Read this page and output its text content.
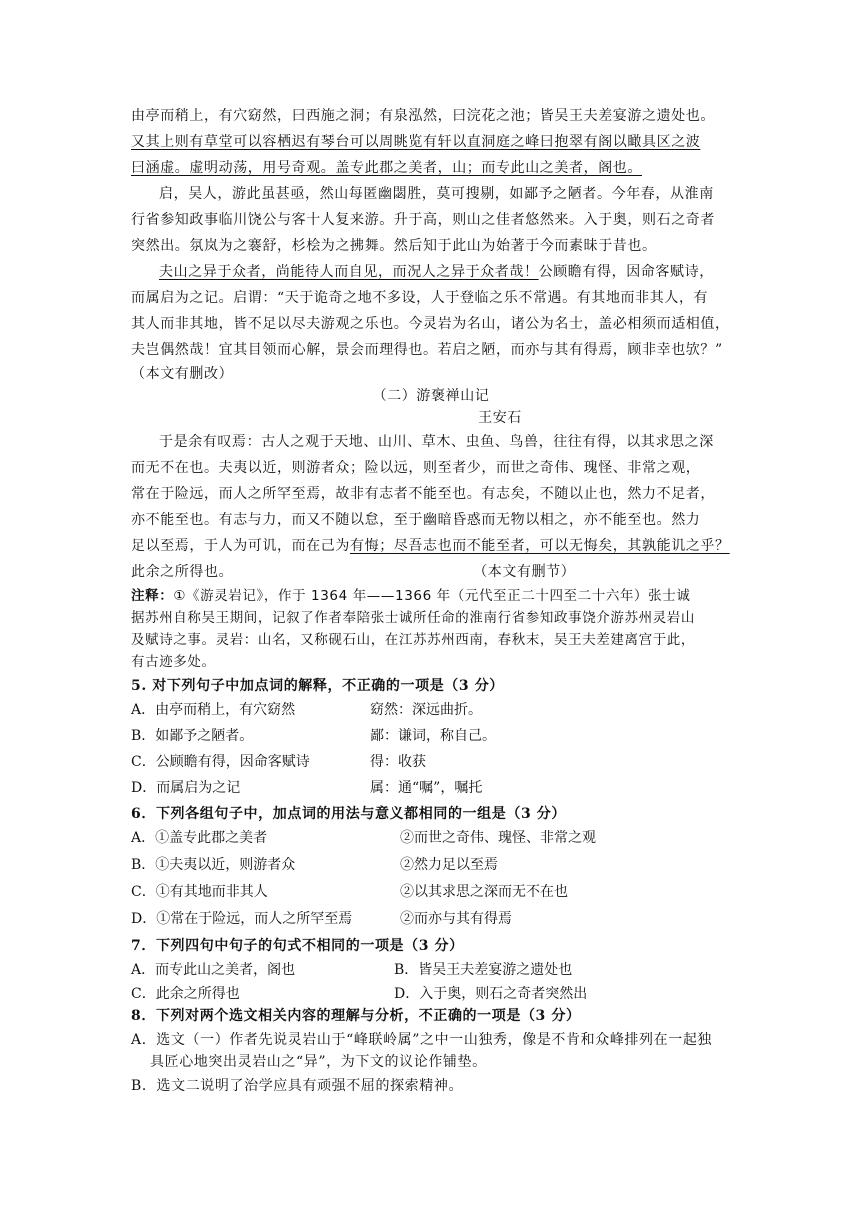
由亭而稍上，有穴窈然，曰西施之洞；有泉泓然，曰浣花之池；皆吴王夫差宴游之遗处也。
又其上则有草堂可以容栖迟有琴台可以周眺览有轩以直洞庭之峰曰抱翠有阁以瞰具区之波
曰涵虚。虚明动荡，用号奇观。盖专此郡之美者，山；而专此山之美者，阁也。
启，吴人，游此虽甚亟，然山每匿幽閟胜，莫可搜剔，如鄙予之陋者。今年春，从淮南
行省参知政事临川饶公与客十人复来游。升于高，则山之佳者悠然来。入于奥，则石之奇者
突然出。氛岚为之褰舒，杉桧为之拂舞。然后知于此山为始著于今而素昧于昔也。
夫山之异于众者，尚能待人而自见，而况人之异于众者哉！公顾瞻有得，因命客赋诗，
而属启为之记。启谓：“天于诡奇之地不多设，人于登临之乐不常遇。有其地而非其人，有
其人而非其地，皆不足以尽夫游观之乐也。今灵岩为名山，诸公为名士，盖必相须而适相值，
夫岂偶然哉！宜其目领而心解，景会而理得也。若启之陋，而亦与其有得焉，顾非幸也欤？”
（本文有删改）
（二）游褒禅山记
王安石
于是余有叹焉：古人之观于天地、山川、草木、虫鱼、鸟兽，往往有得，以其求思之深
而无不在也。夫夷以近，则游者众；险以远，则至者少，而世之奇伟、瑰怪、非常之观，
常在于险远，而人之所罕至焉，故非有志者不能至也。有志矣，不随以止也，然力不足者，
亦不能至也。有志与力，而又不随以怠，至于幽暗昏惑而无物以相之，亦不能至也。然力
足以至焉，于人为可讥，而在己为有悔；尽吾志也而不能至者，可以无悔矣，其孰能讥之乎？
此余之所得也。	（本文有删节）
注释：①《游灵岩记》，作于 1364 年——1366 年（元代至正二十四至二十六年）张士诚
据苏州自称吴王期间，记叙了作者奉陪张士诚所任命的淮南行省参知政事饶介游苏州灵岩山
及赋诗之事。灵岩：山名，又称砚石山，在江苏苏州西南，春秋末，吴王夫差建离宫于此，
有古迹多处。
5. 对下列句子中加点词的解释，不正确的一项是（3 分）
A．由亭而稍上，有穴窈然	窈然：深远曲折。
B．如鄙予之陋者。	鄙：谦词，称自己。
C．公顾瞻有得，因命客赋诗	得：收获
D．而属启为之记	属：通“嘱”，嘱托
6．下列各组句子中，加点词的用法与意义都相同的一组是（3 分）
A．①盖专此郡之美者	②而世之奇伟、瑰怪、非常之观
B．①夫夷以近，则游者众	②然力足以至焉
C．①有其地而非其人	②以其求思之深而无不在也
D．①常在于险远，而人之所罕至焉	②而亦与其有得焉
7．下列四句中句子的句式不相同的一项是（3 分）
A．而专此山之美者，阁也	B．皆吴王夫差宴游之遗处也
C．此余之所得也	D．入于奥，则石之奇者突然出
8．下列对两个选文相关内容的理解与分析，不正确的一项是（3 分）
A．选文（一）作者先说灵岩山于“峰联岭属”之中一山独秀，像是不肯和众峰排列在一起独
具匠心地突出灵岩山之“异”，为下文的议论作铺垫。
B．选文二说明了治学应具有顽强不屈的探索精神。
